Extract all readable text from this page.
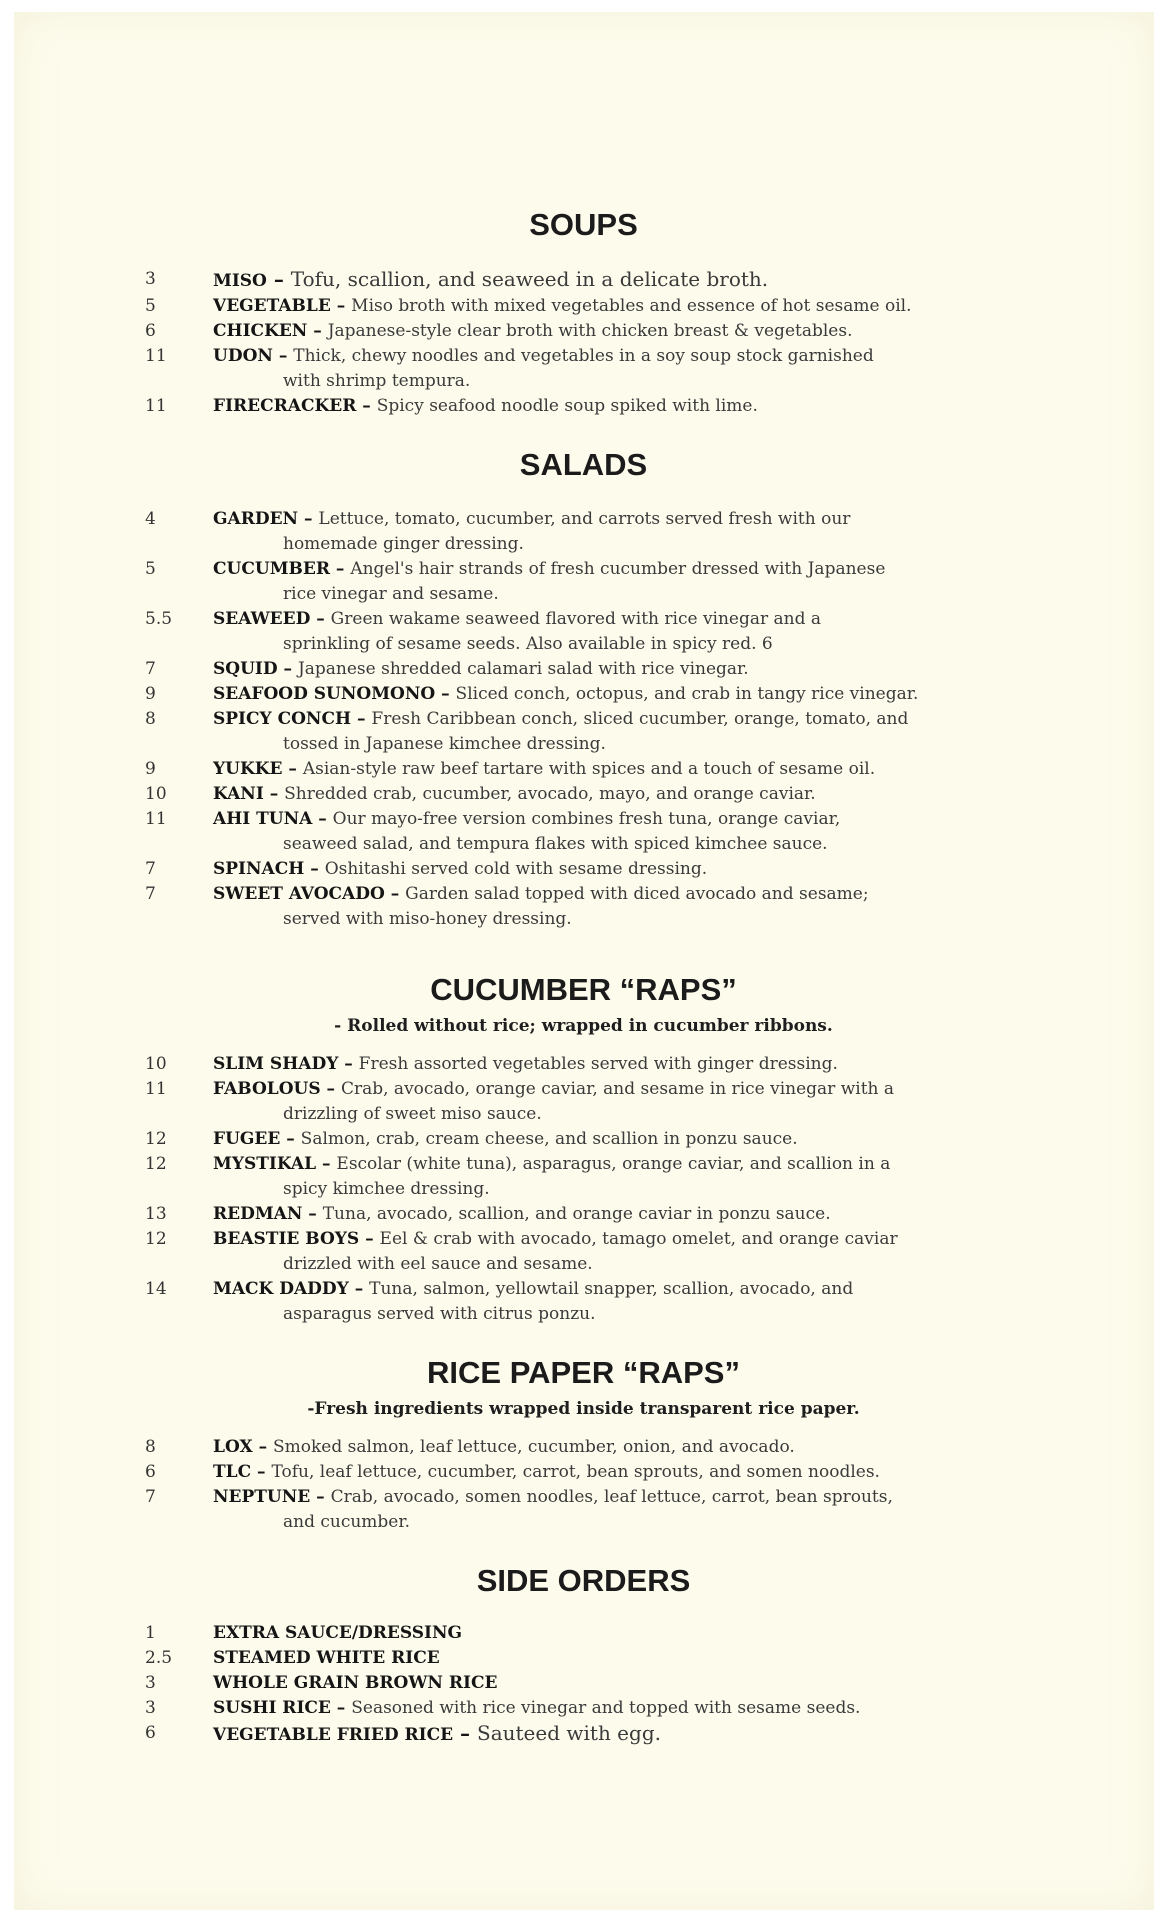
SOUPS
3	MISO – Tofu, scallion, and seaweed in a delicate broth.
5	VEGETABLE – Miso broth with mixed vegetables and essence of hot sesame oil.
6	CHICKEN – Japanese-style clear broth with chicken breast & vegetables.
11	UDON – Thick, chewy noodles and vegetables in a soy soup stock garnished
with shrimp tempura.
11	FIRECRACKER – Spicy seafood noodle soup spiked with lime.
SALADS
4	GARDEN – Lettuce, tomato, cucumber, and carrots served fresh with our
homemade ginger dressing.
5	CUCUMBER – Angel's hair strands of fresh cucumber dressed with Japanese
rice vinegar and sesame.
5.5 SEAWEED – Green wakame seaweed flavored with rice vinegar and a
sprinkling of sesame seeds. Also available in spicy red. 6
7	SQUID – Japanese shredded calamari salad with rice vinegar.
9	SEAFOOD SUNOMONO – Sliced conch, octopus, and crab in tangy rice vinegar.
8	SPICY CONCH – Fresh Caribbean conch, sliced cucumber, orange, tomato, and
tossed in Japanese kimchee dressing.
9	YUKKE – Asian-style raw beef tartare with spices and a touch of sesame oil.
10	KANI – Shredded crab, cucumber, avocado, mayo, and orange caviar.
11	AHI TUNA – Our mayo-free version combines fresh tuna, orange caviar,
seaweed salad, and tempura flakes with spiced kimchee sauce.
7	SPINACH – Oshitashi served cold with sesame dressing.
7	SWEET AVOCADO – Garden salad topped with diced avocado and sesame;
served with miso-honey dressing.
CUCUMBER “RAPS”

- Rolled without rice; wrapped in cucumber ribbons.

10	SLIM SHADY – Fresh assorted vegetables served with ginger dressing.
11	FABOLOUS – Crab, avocado, orange caviar, and sesame in rice vinegar with a
drizzling of sweet miso sauce.
12	FUGEE – Salmon, crab, cream cheese, and scallion in ponzu sauce.
12	MYSTIKAL – Escolar (white tuna), asparagus, orange caviar, and scallion in a
spicy kimchee dressing.
13	REDMAN – Tuna, avocado, scallion, and orange caviar in ponzu sauce.
12	BEASTIE BOYS – Eel & crab with avocado, tamago omelet, and orange caviar
drizzled with eel sauce and sesame.
14	MACK DADDY – Tuna, salmon, yellowtail snapper, scallion, avocado, and
asparagus served with citrus ponzu.
RICE PAPER “RAPS”

-Fresh ingredients wrapped inside transparent rice paper.

8	LOX – Smoked salmon, leaf lettuce, cucumber, onion, and avocado.
6	TLC – Tofu, leaf lettuce, cucumber, carrot, bean sprouts, and somen noodles.
7	NEPTUNE – Crab, avocado, somen noodles, leaf lettuce, carrot, bean sprouts,
and cucumber.
SIDE ORDERS
1	EXTRA SAUCE/DRESSING
2.5 STEAMED WHITE RICE
3	WHOLE GRAIN BROWN RICE
3	SUSHI RICE – Seasoned with rice vinegar and topped with sesame seeds.
6	VEGETABLE FRIED RICE – Sauteed with egg.
